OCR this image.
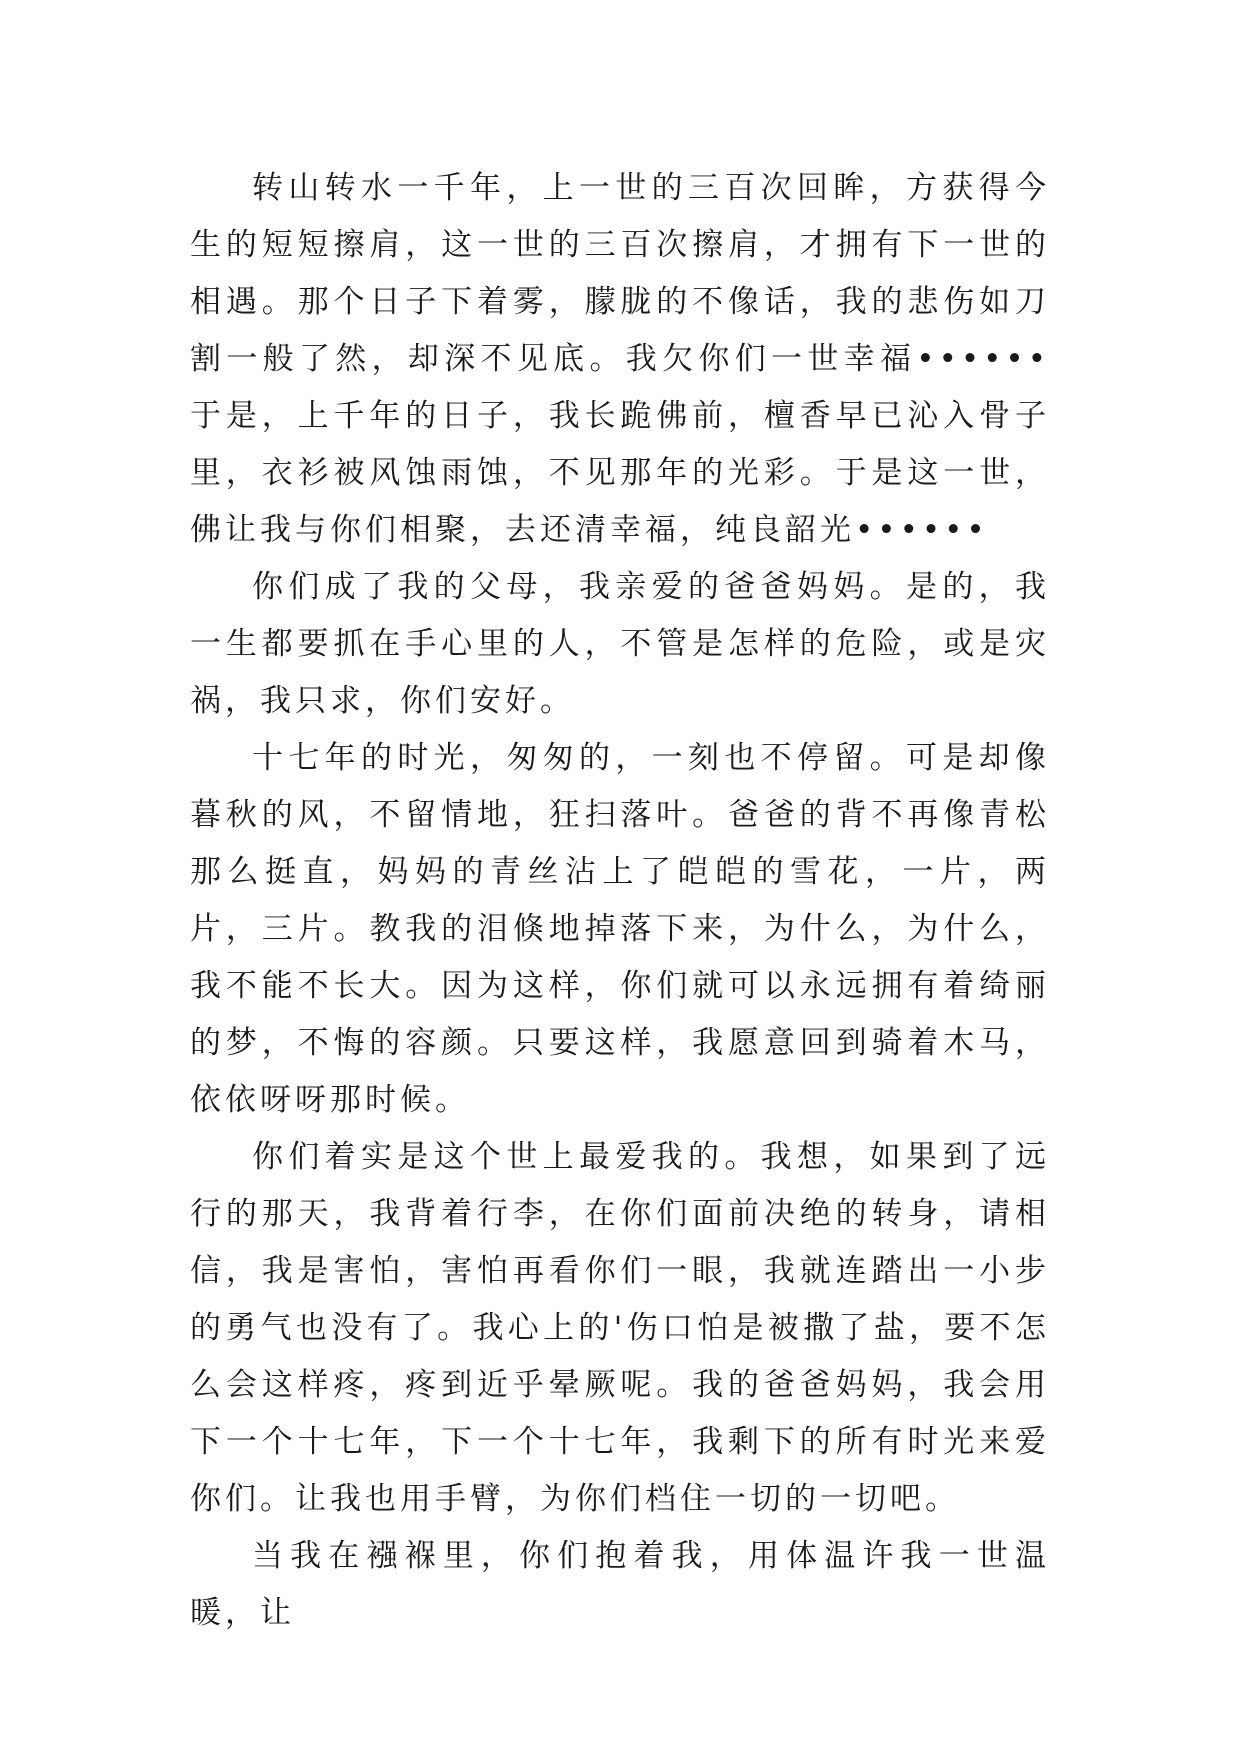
转山转水一千年，上一世的三百次回眸，方获得今生的短短擦肩，这一世的三百次擦肩，才拥有下一世的相遇。那个日子下着雾，朦胧的不像话，我的悲伤如刀割一般了然，却深不见底。我欠你们一世幸福••••••于是，上千年的日子，我长跪佛前，檀香早已沁入骨子里，衣衫被风蚀雨蚀，不见那年的光彩。于是这一世，佛让我与你们相聚，去还清幸福，纯良韶光••••••

你们成了我的父母，我亲爱的爸爸妈妈。是的，我一生都要抓在手心里的人，不管是怎样的危险，或是灾祸，我只求，你们安好。

十七年的时光，匆匆的，一刻也不停留。可是却像暮秋的风，不留情地，狂扫落叶。爸爸的背不再像青松那么挺直，妈妈的青丝沾上了皑皑的雪花，一片，两片，三片。教我的泪倏地掉落下来，为什么，为什么，我不能不长大。因为这样，你们就可以永远拥有着绮丽的梦，不悔的容颜。只要这样，我愿意回到骑着木马，依依呀呀那时候。

你们着实是这个世上最爱我的。我想，如果到了远行的那天，我背着行李，在你们面前决绝的转身，请相信，我是害怕，害怕再看你们一眼，我就连踏出一小步的勇气也没有了。我心上的'伤口怕是被撒了盐，要不怎么会这样疼，疼到近乎晕厥呢。我的爸爸妈妈，我会用下一个十七年，下一个十七年，我剩下的所有时光来爱你们。让我也用手臂，为你们档住一切的一切吧。

当我在襁褓里，你们抱着我，用体温许我一世温暖，让
